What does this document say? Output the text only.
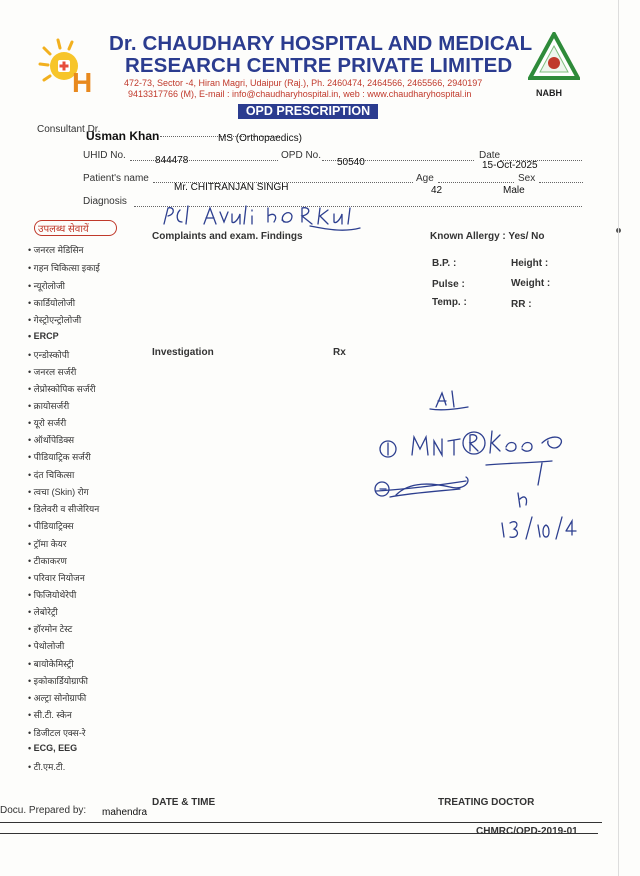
H
Dr. CHAUDHARY HOSPITAL AND MEDICAL
RESEARCH CENTRE PRIVATE LIMITED
472-73, Sector -4, Hiran Magri, Udaipur (Raj.), Ph. 2460474, 2464566, 2465566, 2940197
9413317766 (M), E-mail : info@chaudharyhospital.in, web : www.chaudharyhospital.in	NABH
OPD PRESCRIPTION
Consultant Dr.
Usman Khan	MS (Orthopaedics)
UHID No.	844478	OPD No.
50540
Date
15-Oct-2025
Patient's name
Mr. CHITRANJAN SINGH
Age
42
Sex
Male
Diagnosis
उपलब्ध सेवायें
• जनरल मेडिसिन
• गहन चिकित्सा इकाई
• न्यूरोलोजी
• कार्डियोलोजी
• गेस्ट्रोएन्ट्रोलोजी
• ERCP
• एन्डोस्कोपी
• जनरल सर्जरी
• लेप्रोस्कोपिक सर्जरी
• क्रायोसर्जरी
• यूरो सर्जरी
• ऑर्थोपेडिक्स
• पीडियाट्रिक सर्जरी
• दंत चिकित्सा
• त्वचा (Skin) रोग
• डिलेवरी व सीजेरियन
• पीडियाट्रिक्स
• ट्रॉमा केयर
• टीकाकरण
• परिवार नियोजन
• फिजियोथेरेपी
• लेबोरेट्री
• हॉरमोन टेस्ट
• पेथोलोजी
• बायोकेमिस्ट्री
• इकोकार्डियोग्राफी
• अल्ट्रा सोनोग्राफी
• सी.टी. स्केन
• डिजीटल एक्स-रे
• ECG, EEG
• टी.एम.टी.
Complaints and exam. Findings	Known Allergy : Yes/ No
B.P. :	Height :
Pulse :	Weight :
Temp. :	RR :
Investigation	Rx
Docu. Prepared by: mahendra
DATE & TIME	TREATING DOCTOR
CHMRC/OPD-2019-01
